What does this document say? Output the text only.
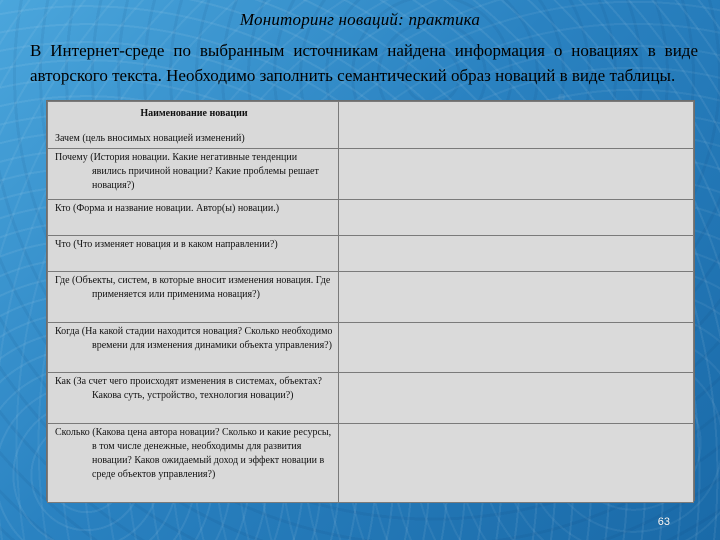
Мониторинг новаций: практика
В Интернет-среде по выбранным источникам найдена информация о новациях в виде авторского текста. Необходимо заполнить семантический образ новаций в виде таблицы.
Наименование новации
Зачем (цель вносимых новацией изменений)	

Почему (История новации. Какие негативные тенденции явились причиной новации? Какие проблемы решает новация?)	

Кто (Форма и название новации. Автор(ы) новации.)	

Что (Что изменяет новация и в каком направлении?)	

Где (Объекты, систем, в которые вносит изменения новация. Где применяется или применима новация?)	

Когда (На какой стадии находится новация? Сколько необходимо времени для изменения динамики объекта управления?)	

Как (За счет чего происходят изменения в системах, объектах? Какова суть, устройство, технология новации?)	

Сколько (Какова цена автора новации? Сколько и какие ресурсы, в том числе денежные, необходимы для развития новации? Каков ожидаемый доход и эффект новации в среде объектов управления?)	

63
